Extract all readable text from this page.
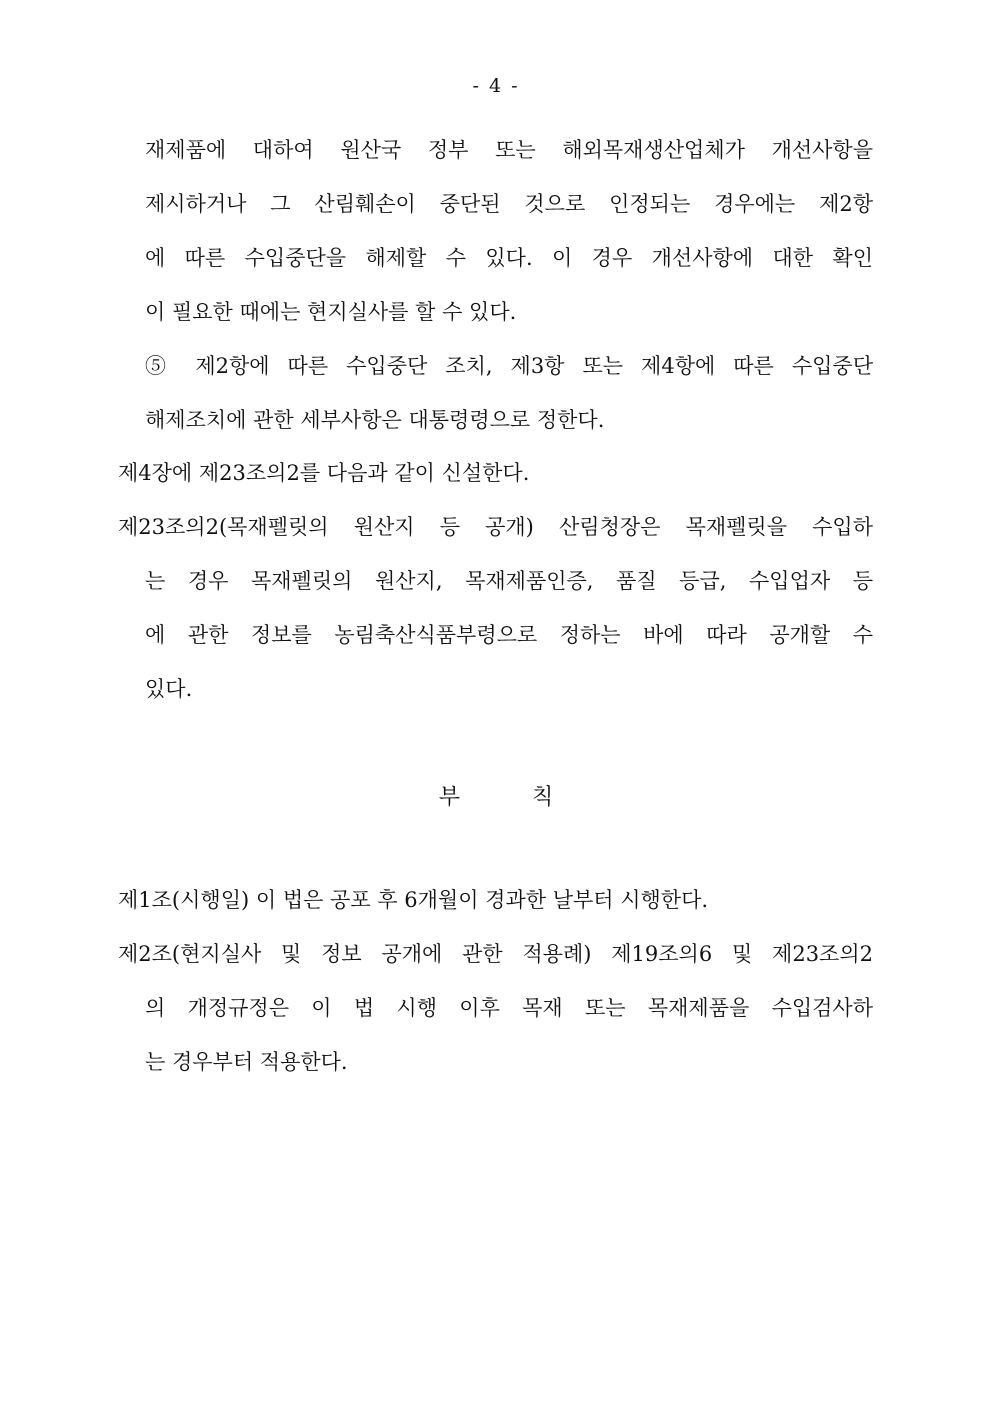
- 4 -
재제품에 대하여 원산국 정부 또는 해외목재생산업체가 개선사항을
제시하거나 그 산림훼손이 중단된 것으로 인정되는 경우에는 제2항
에 따른 수입중단을 해제할 수 있다. 이 경우 개선사항에 대한 확인
이 필요한 때에는 현지실사를 할 수 있다.
⑤ 제2항에 따른 수입중단 조치, 제3항 또는 제4항에 따른 수입중단
해제조치에 관한 세부사항은 대통령령으로 정한다.
제4장에 제23조의2를 다음과 같이 신설한다.
제23조의2(목재펠릿의 원산지 등 공개) 산림청장은 목재펠릿을 수입하
는 경우 목재펠릿의 원산지, 목재제품인증, 품질 등급, 수입업자 등
에 관한 정보를 농림축산식품부령으로 정하는 바에 따라 공개할 수
있다.
부칙
제1조(시행일) 이 법은 공포 후 6개월이 경과한 날부터 시행한다.
제2조(현지실사 및 정보 공개에 관한 적용례) 제19조의6 및 제23조의2
의 개정규정은 이 법 시행 이후 목재 또는 목재제품을 수입검사하
는 경우부터 적용한다.
